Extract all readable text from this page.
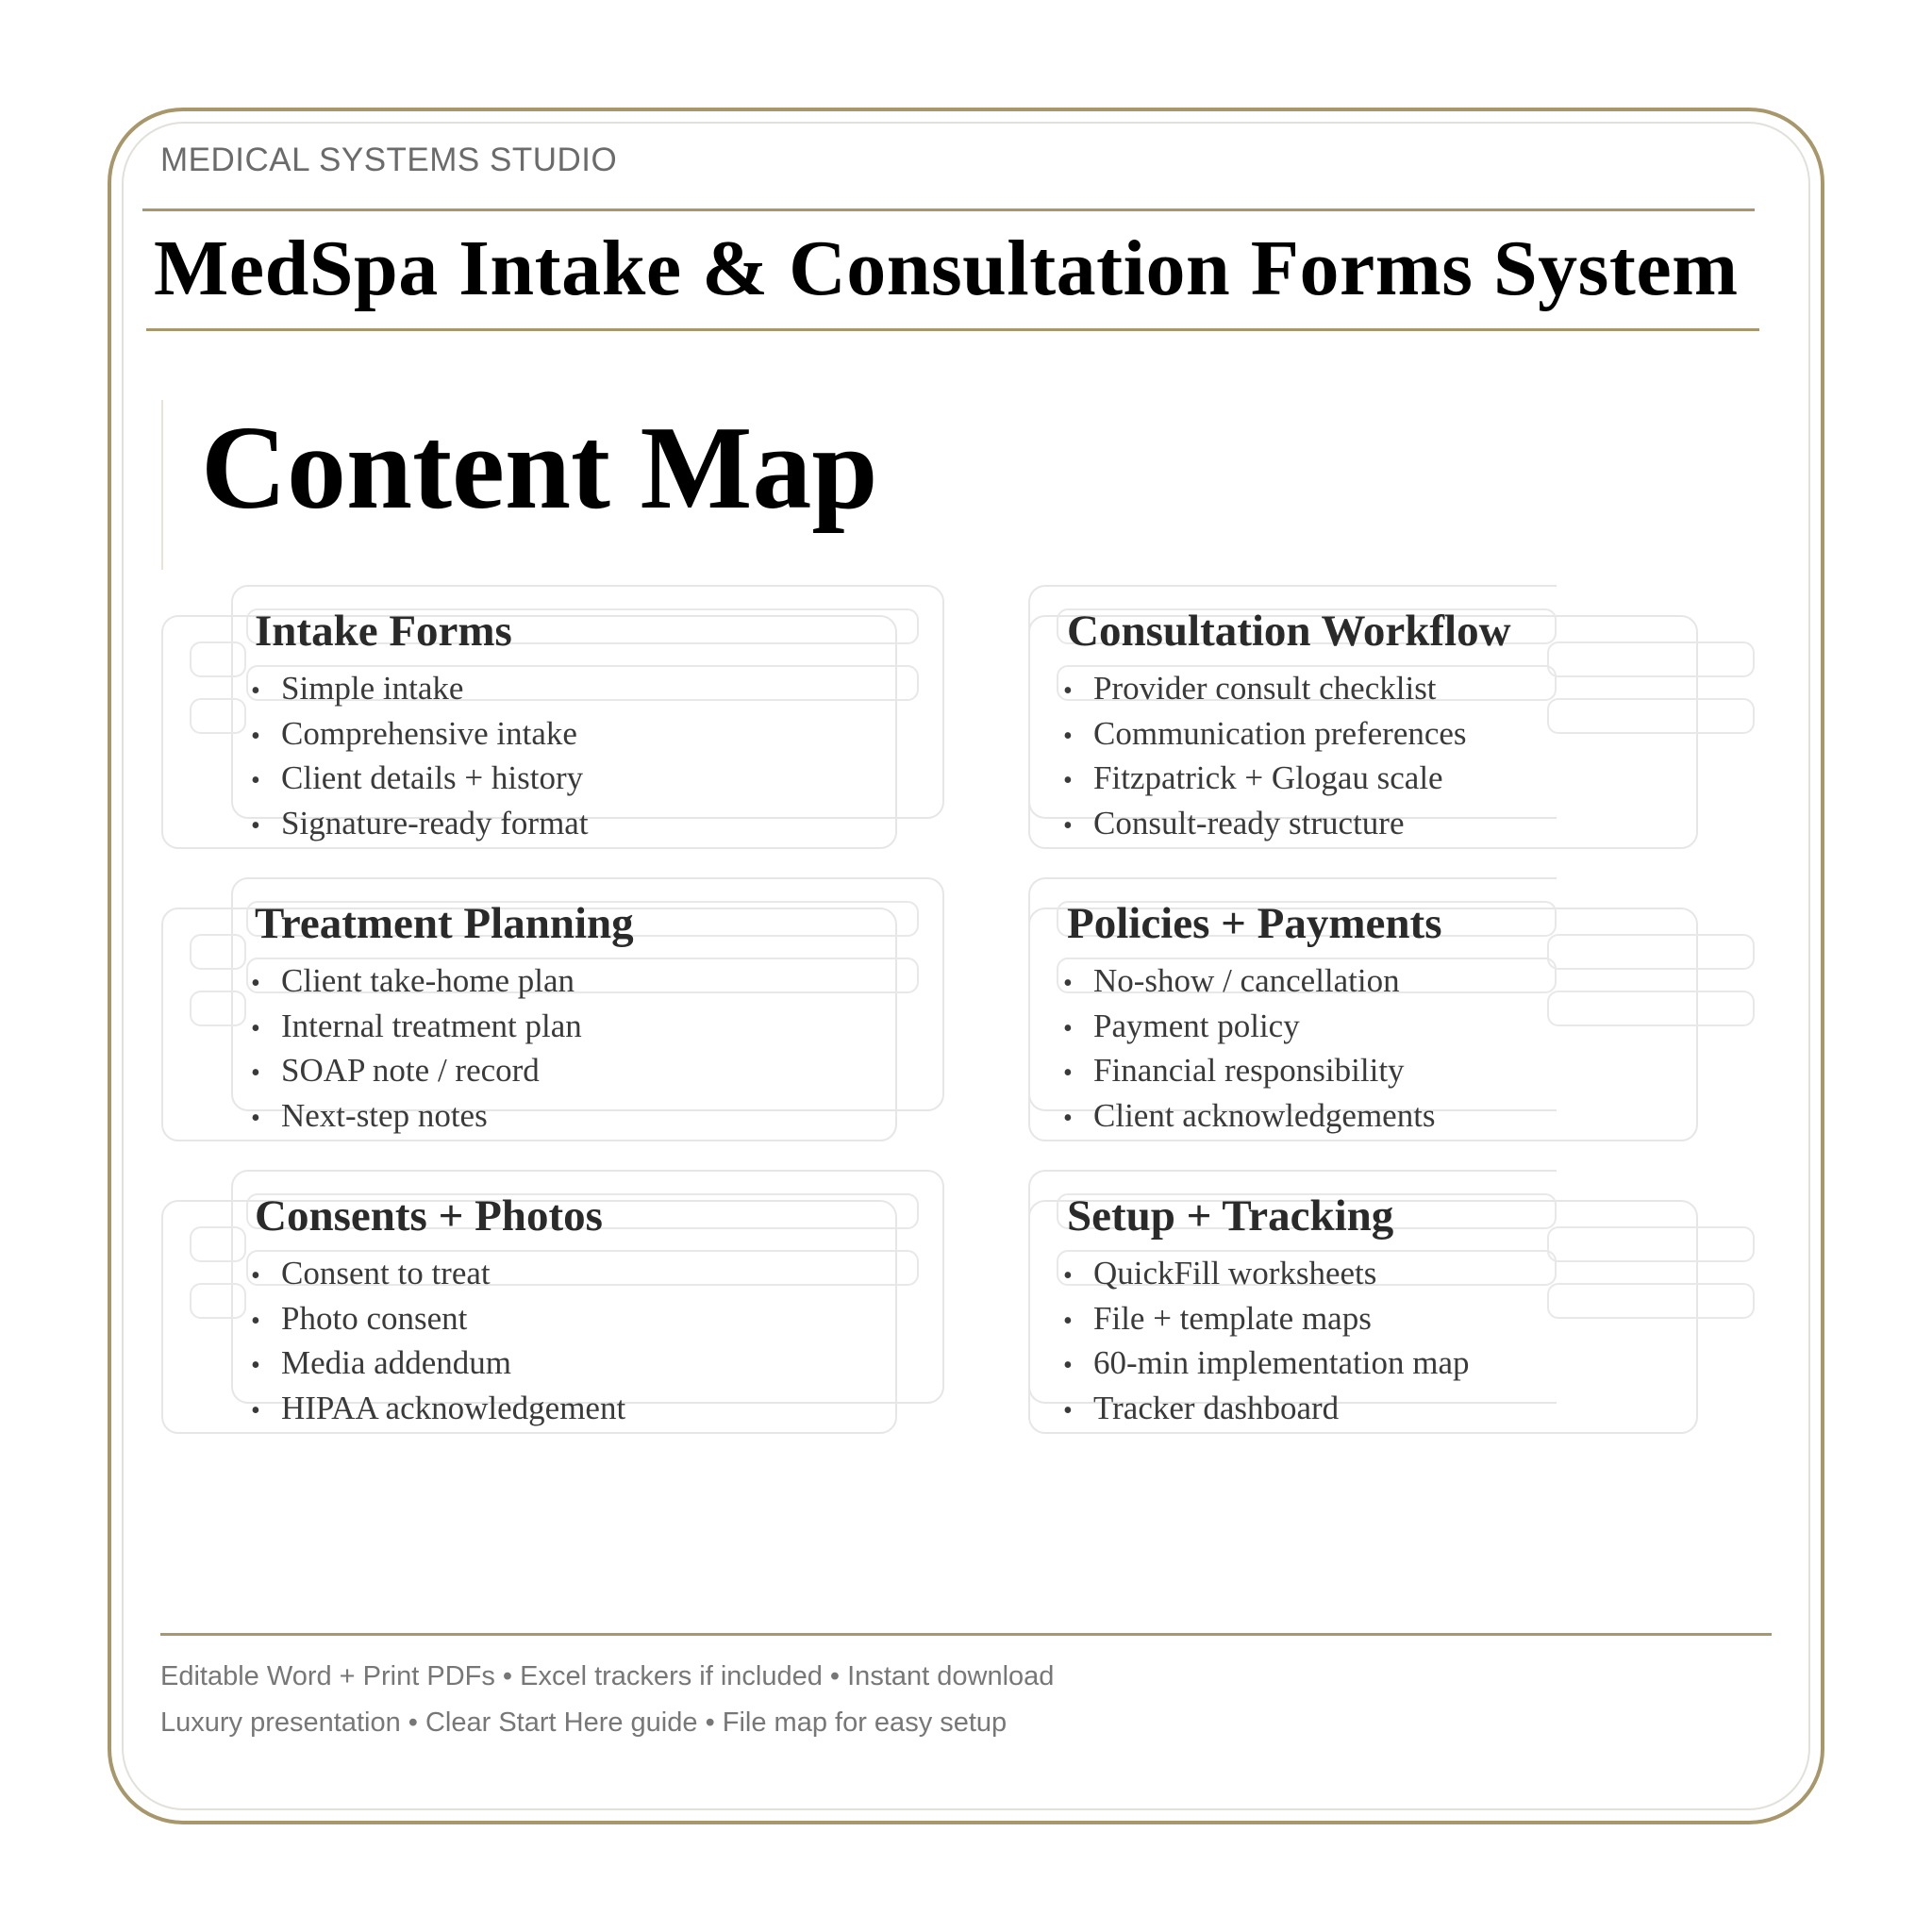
MEDICAL SYSTEMS STUDIO
MedSpa Intake & Consultation Forms System
Content Map
Intake Forms
• Simple intake
• Comprehensive intake
• Client details + history
• Signature-ready format
Consultation Workflow
• Provider consult checklist
• Communication preferences
• Fitzpatrick + Glogau scale
• Consult-ready structure
Treatment Planning
• Client take-home plan
• Internal treatment plan
• SOAP note / record
• Next-step notes
Policies + Payments
• No-show / cancellation
• Payment policy
• Financial responsibility
• Client acknowledgements
Consents + Photos
• Consent to treat
• Photo consent
• Media addendum
• HIPAA acknowledgement
Setup + Tracking
• QuickFill worksheets
• File + template maps
• 60-min implementation map
• Tracker dashboard
Editable Word + Print PDFs • Excel trackers if included • Instant download
Luxury presentation • Clear Start Here guide • File map for easy setup
